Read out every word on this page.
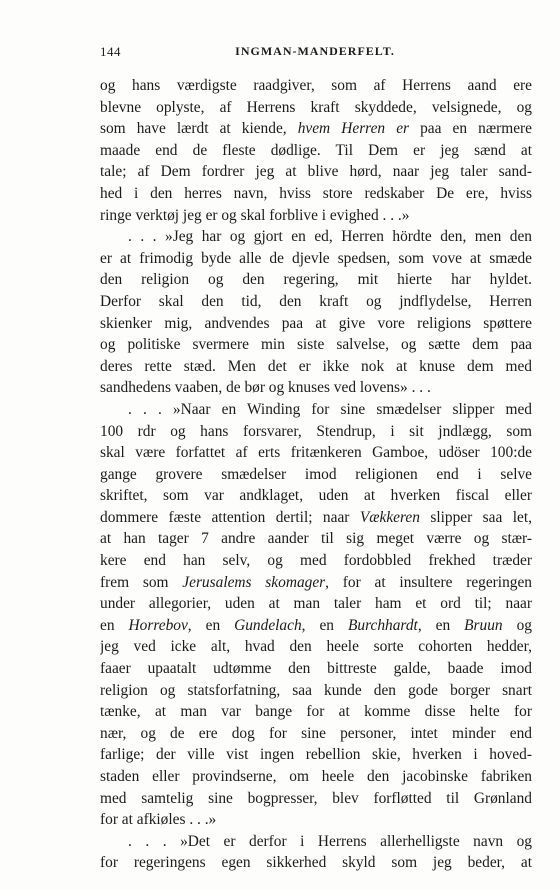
144	INGMAN-MANDERFELT.
og hans værdigste raadgiver, som af Herrens aand ere
blevne oplyste, af Herrens kraft skyddede, velsignede, og
som have lærdt at kiende, hvem Herren er paa en nærmere
maade end de fleste dødlige. Til Dem er jeg sænd at
tale; af Dem fordrer jeg at blive hørd, naar jeg taler sand-
hed i den herres navn, hviss store redskaber De ere, hviss
ringe verktøj jeg er og skal forblive i evighed . . .»
. . . »Jeg har og gjort en ed, Herren hördte den, men den
er at frimodig byde alle de djevle spedsen, som vove at smæde
den religion og den regering, mit hierte har hyldet.
Derfor skal den tid, den kraft og jndflydelse, Herren
skienker mig, andvendes paa at give vore religions spøttere
og politiske svermere min siste salvelse, og sætte dem paa
deres rette stæd. Men det er ikke nok at knuse dem med
sandhedens vaaben, de bør og knuses ved lovens» . . .
. . . »Naar en Winding for sine smædelser slipper med
100 rdr og hans forsvarer, Stendrup, i sit jndlægg, som
skal være forfattet af erts fritænkeren Gamboe, udöser 100:de
gange grovere smædelser imod religionen end i selve
skriftet, som var andklaget, uden at hverken fiscal eller
dommere fæste attention dertil; naar Vækkeren slipper saa let,
at han tager 7 andre aander til sig meget værre og stær-
kere end han selv, og med fordobbled frekhed træder
frem som Jerusalems skomager, for at insultere regeringen
under allegorier, uden at man taler ham et ord til; naar
en Horrebov, en Gundelach, en Burchhardt, en Bruun og
jeg ved icke alt, hvad den heele sorte cohorten hedder,
faaer upaatalt udtømme den bittreste galde, baade imod
religion og statsforfatning, saa kunde den gode borger snart
tænke, at man var bange for at komme disse helte for
nær, og de ere dog for sine personer, intet minder end
farlige; der ville vist ingen rebellion skie, hverken i hoved-
staden eller provindserne, om heele den jacobinske fabriken
med samtelig sine bogpresser, blev forfløtted til Grønland
for at afkiøles . . .»
. . . »Det er derfor i Herrens allerhelligste navn og
for regeringens egen sikkerhed skyld som jeg beder, at
